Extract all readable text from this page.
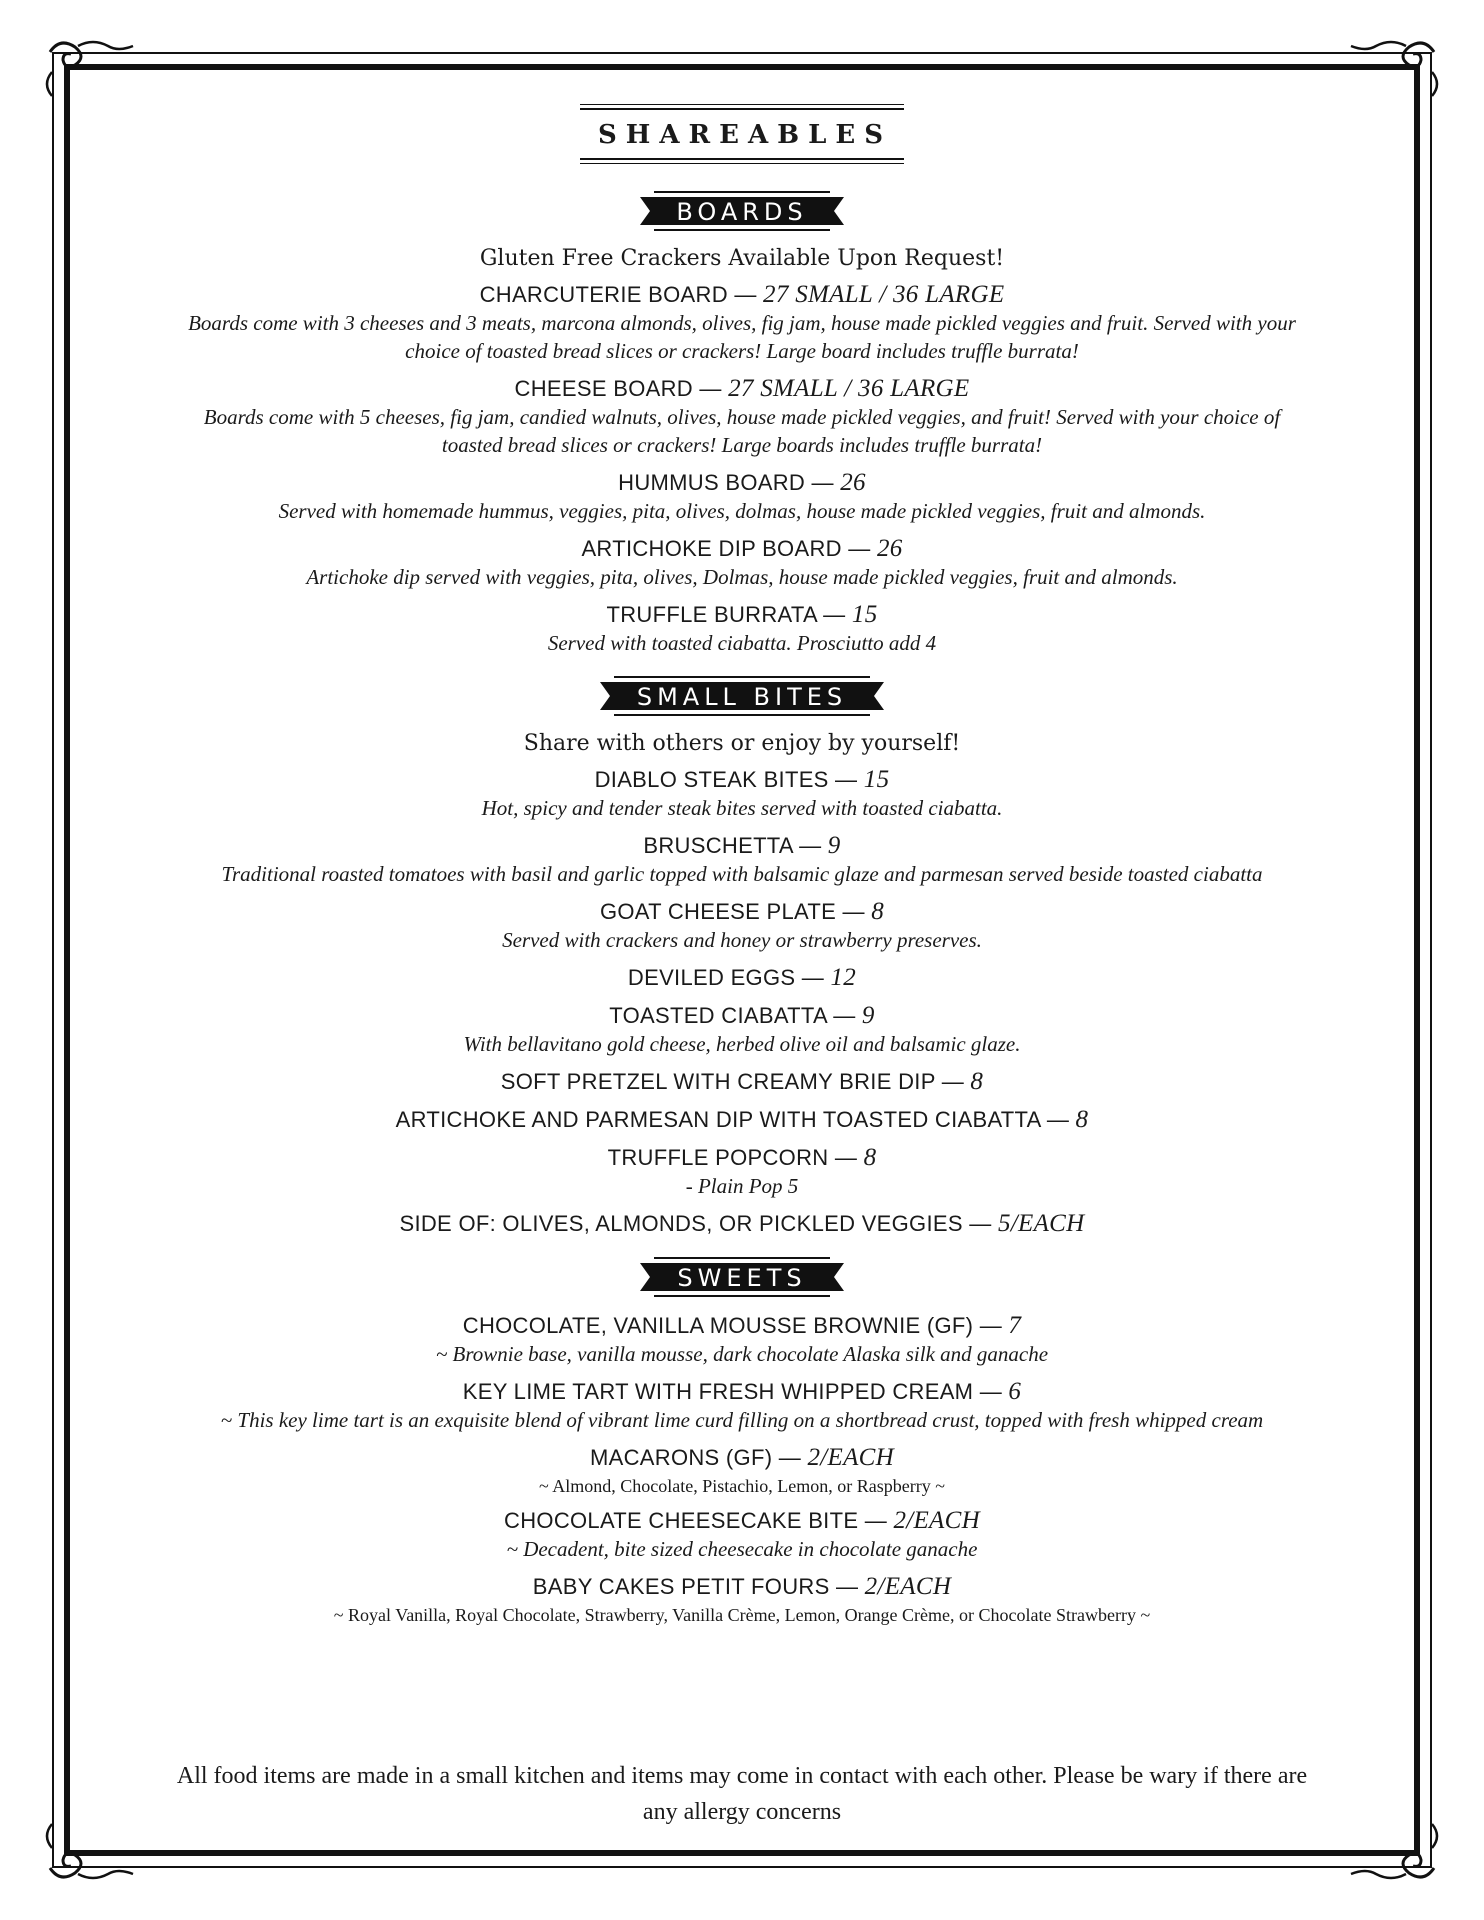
SHAREABLES
BOARDS
Gluten Free Crackers Available Upon Request!
CHARCUTERIE BOARD — 27 SMALL / 36 LARGE
Boards come with 3 cheeses and 3 meats, marcona almonds, olives, fig jam, house made pickled veggies and fruit. Served with your choice of toasted bread slices or crackers! Large board includes truffle burrata!
CHEESE BOARD — 27 SMALL / 36 LARGE
Boards come with 5 cheeses, fig jam, candied walnuts, olives, house made pickled veggies, and fruit! Served with your choice of toasted bread slices or crackers! Large boards includes truffle burrata!
HUMMUS BOARD — 26
Served with homemade hummus, veggies, pita, olives, dolmas, house made pickled veggies, fruit and almonds.
ARTICHOKE DIP BOARD — 26
Artichoke dip served with veggies, pita, olives, Dolmas, house made pickled veggies, fruit and almonds.
TRUFFLE BURRATA — 15
Served with toasted ciabatta. Prosciutto add 4
SMALL BITES
Share with others or enjoy by yourself!
DIABLO STEAK BITES — 15
Hot, spicy and tender steak bites served with toasted ciabatta.
BRUSCHETTA — 9
Traditional roasted tomatoes with basil and garlic topped with balsamic glaze and parmesan served beside toasted ciabatta
GOAT CHEESE PLATE — 8
Served with crackers and honey or strawberry preserves.
DEVILED EGGS — 12
TOASTED CIABATTA — 9
With bellavitano gold cheese, herbed olive oil and balsamic glaze.
SOFT PRETZEL WITH CREAMY BRIE DIP — 8
ARTICHOKE AND PARMESAN DIP WITH TOASTED CIABATTA — 8
TRUFFLE POPCORN — 8
- Plain Pop 5
SIDE OF: OLIVES, ALMONDS, OR PICKLED VEGGIES — 5/EACH
SWEETS
CHOCOLATE, VANILLA MOUSSE BROWNIE (GF) — 7
~ Brownie base, vanilla mousse, dark chocolate Alaska silk and ganache
KEY LIME TART WITH FRESH WHIPPED CREAM — 6
~ This key lime tart is an exquisite blend of vibrant lime curd filling on a shortbread crust, topped with fresh whipped cream
MACARONS (GF) — 2/EACH
~ Almond, Chocolate, Pistachio, Lemon, or Raspberry ~
CHOCOLATE CHEESECAKE BITE — 2/EACH
~ Decadent, bite sized cheesecake in chocolate ganache
BABY CAKES PETIT FOURS — 2/EACH
~ Royal Vanilla, Royal Chocolate, Strawberry, Vanilla Crème, Lemon, Orange Crème, or Chocolate Strawberry ~
All food items are made in a small kitchen and items may come in contact with each other. Please be wary if there are any allergy concerns
